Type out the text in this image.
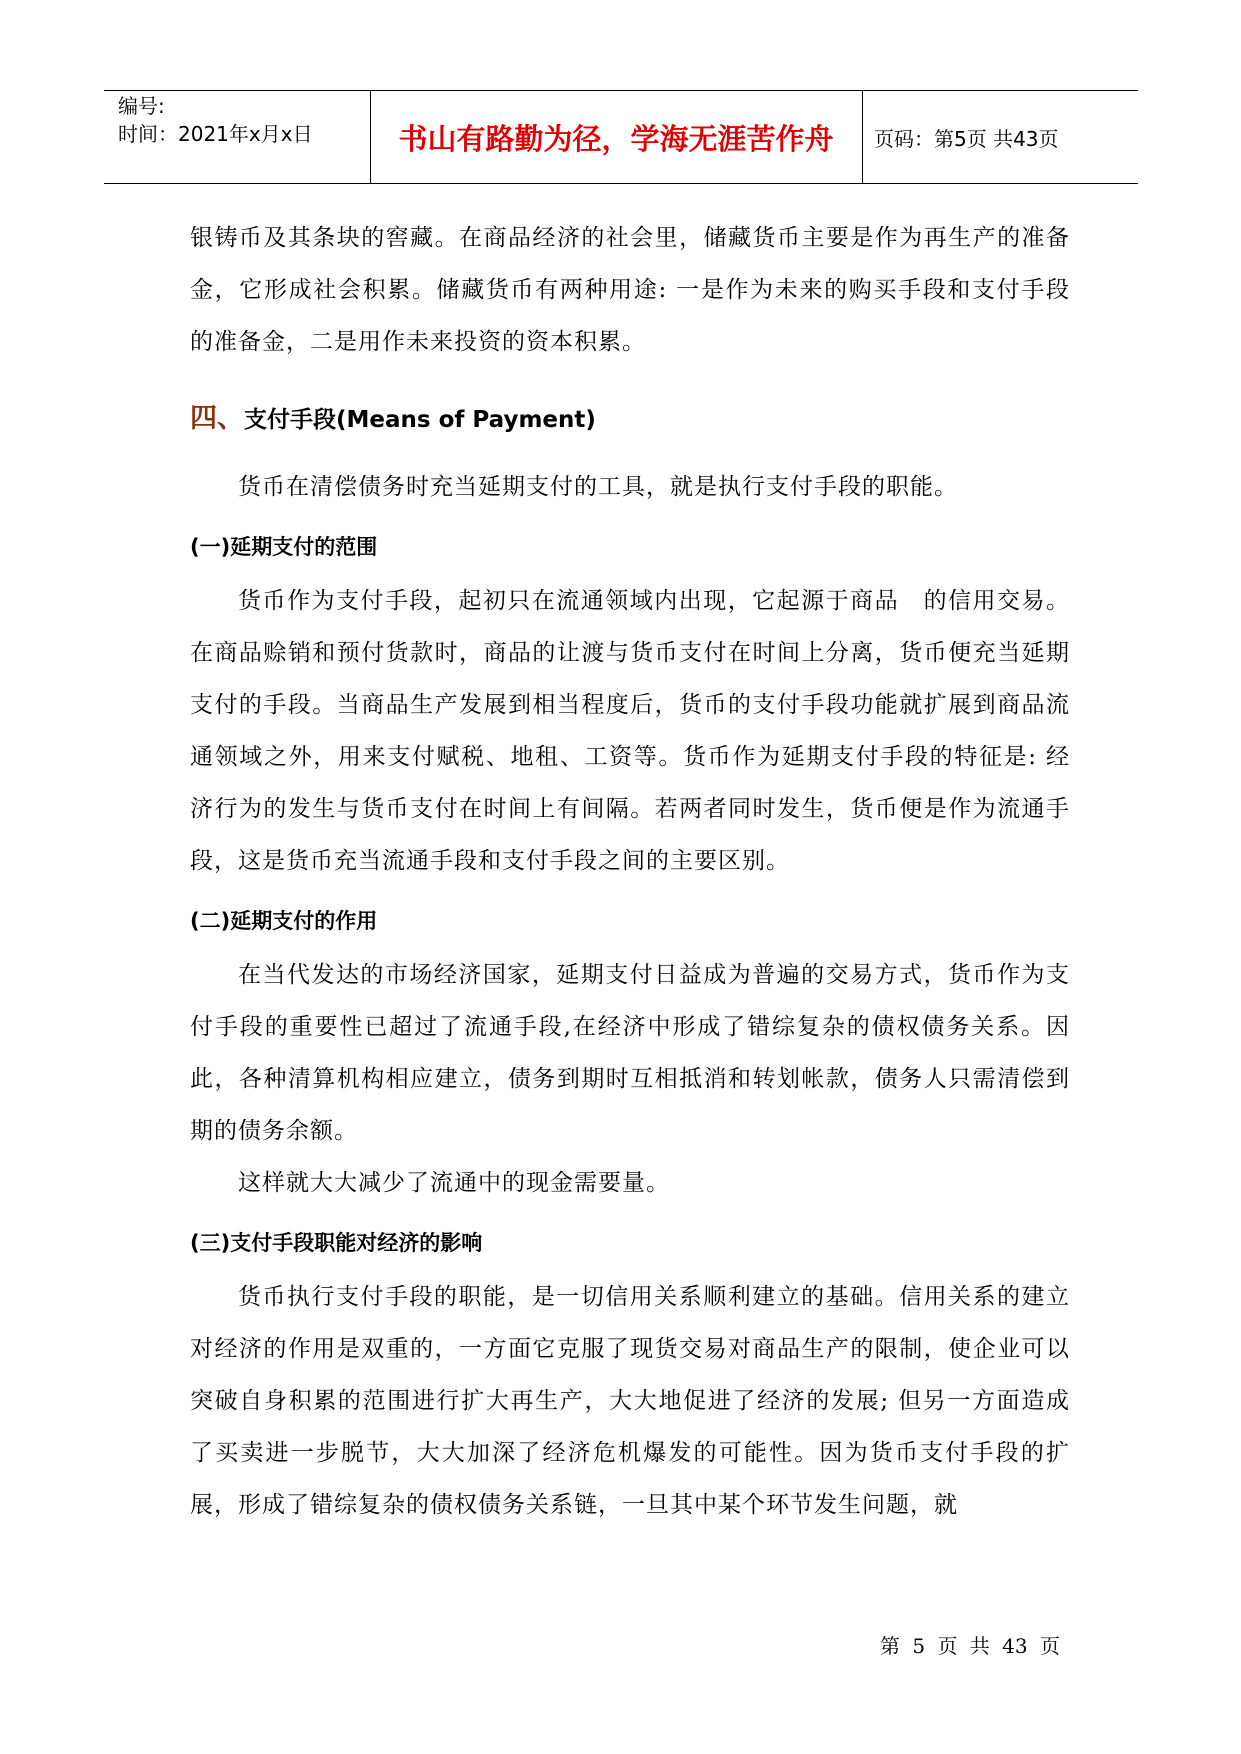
编号:
时间：2021年x月x日	书山有路勤为径，学海无涯苦作舟	页码：第5页 共43页

银铸币及其条块的窖藏。在商品经济的社会里，储藏货币主要是作为再生产的准备金，它形成社会积累。储藏货币有两种用途: 一是作为未来的购买手段和支付手段的准备金，二是用作未来投资的资本积累。

四、支付手段(Means of Payment)

货币在清偿债务时充当延期支付的工具，就是执行支付手段的职能。

(一)延期支付的范围

货币作为支付手段，起初只在流通领域内出现，它起源于商品　的信用交易。在商品赊销和预付货款时，商品的让渡与货币支付在时间上分离，货币便充当延期支付的手段。当商品生产发展到相当程度后，货币的支付手段功能就扩展到商品流通领域之外，用来支付赋税、地租、工资等。货币作为延期支付手段的特征是: 经济行为的发生与货币支付在时间上有间隔。若两者同时发生，货币便是作为流通手段，这是货币充当流通手段和支付手段之间的主要区别。

(二)延期支付的作用

在当代发达的市场经济国家，延期支付日益成为普遍的交易方式，货币作为支付手段的重要性已超过了流通手段,在经济中形成了错综复杂的债权债务关系。因此，各种清算机构相应建立，债务到期时互相抵消和转划帐款，债务人只需清偿到期的债务余额。

这样就大大减少了流通中的现金需要量。

(三)支付手段职能对经济的影响

货币执行支付手段的职能，是一切信用关系顺利建立的基础。信用关系的建立对经济的作用是双重的，一方面它克服了现货交易对商品生产的限制，使企业可以突破自身积累的范围进行扩大再生产，大大地促进了经济的发展; 但另一方面造成了买卖进一步脱节，大大加深了经济危机爆发的可能性。因为货币支付手段的扩展，形成了错综复杂的债权债务关系链，一旦其中某个环节发生问题，就

第 5 页 共 43 页
